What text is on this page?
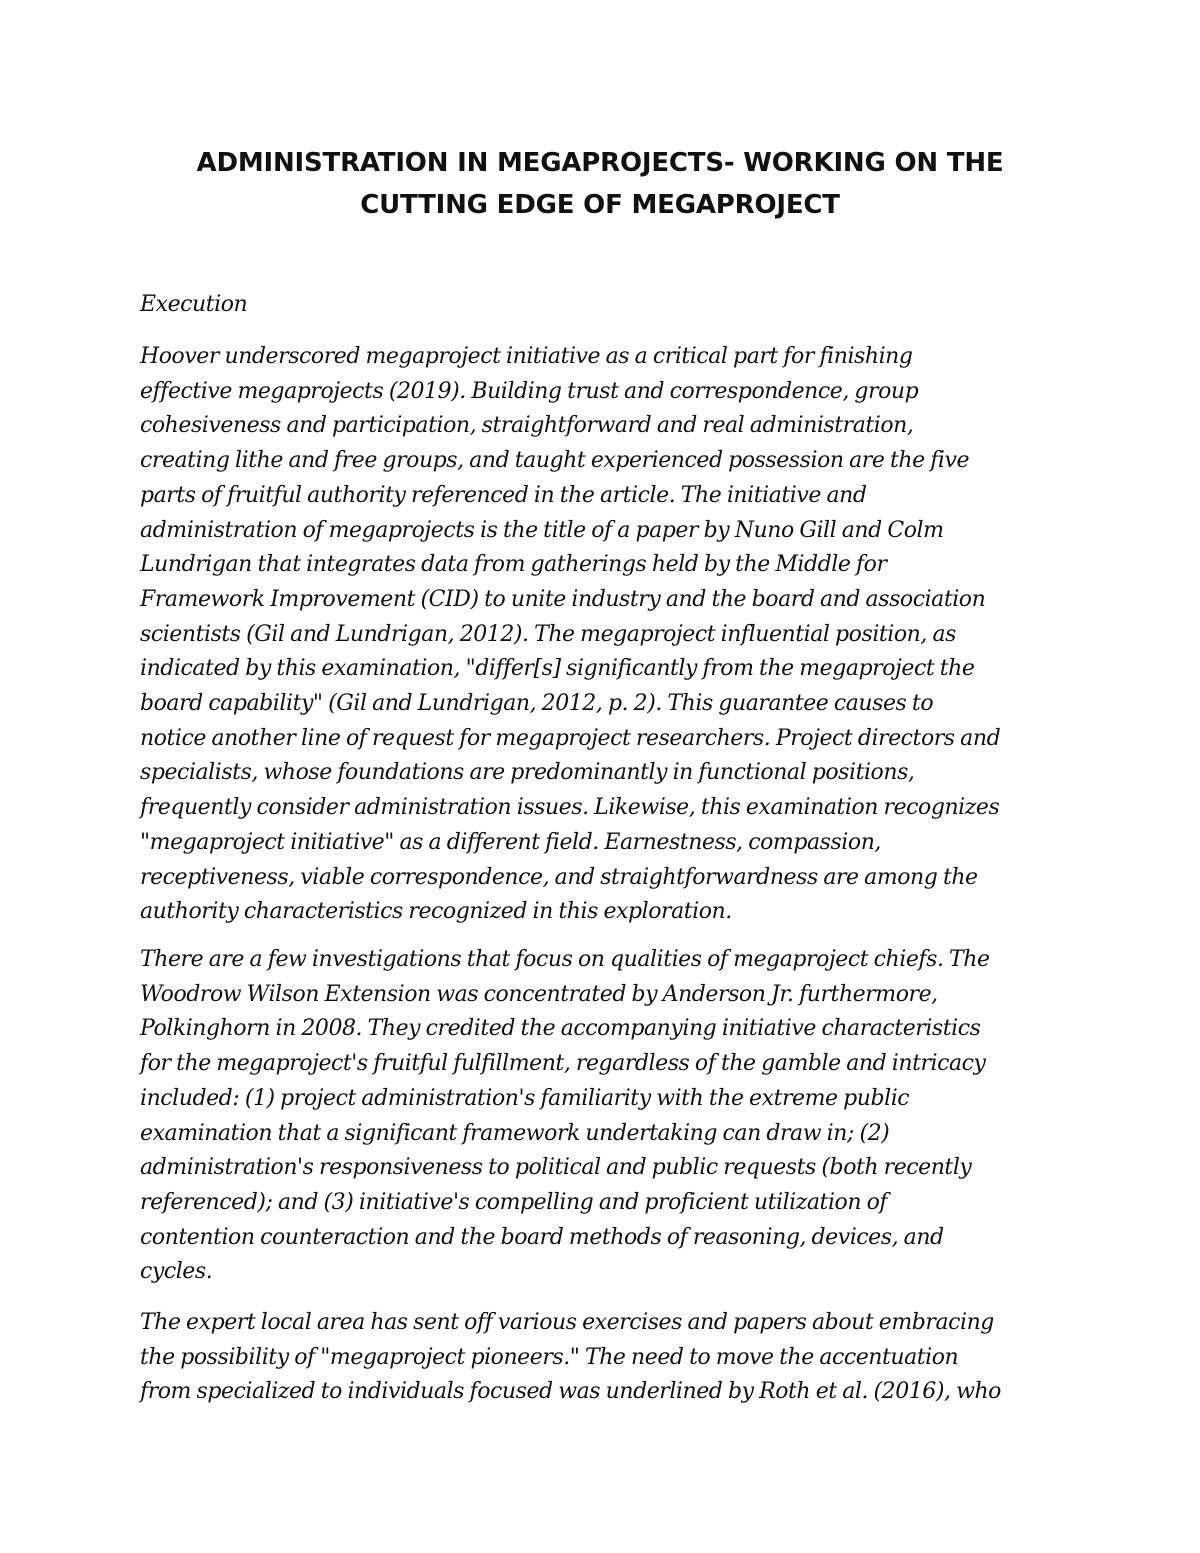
ADMINISTRATION IN MEGAPROJECTS- WORKING ON THE
CUTTING EDGE OF MEGAPROJECT
Execution
Hoover underscored megaproject initiative as a critical part for finishing
effective megaprojects (2019). Building trust and correspondence, group
cohesiveness and participation, straightforward and real administration,
creating lithe and free groups, and taught experienced possession are the five
parts of fruitful authority referenced in the article. The initiative and
administration of megaprojects is the title of a paper by Nuno Gill and Colm
Lundrigan that integrates data from gatherings held by the Middle for
Framework Improvement (CID) to unite industry and the board and association
scientists (Gil and Lundrigan, 2012). The megaproject influential position, as
indicated by this examination, "differ[s] significantly from the megaproject the
board capability" (Gil and Lundrigan, 2012, p. 2). This guarantee causes to
notice another line of request for megaproject researchers. Project directors and
specialists, whose foundations are predominantly in functional positions,
frequently consider administration issues. Likewise, this examination recognizes
"megaproject initiative" as a different field. Earnestness, compassion,
receptiveness, viable correspondence, and straightforwardness are among the
authority characteristics recognized in this exploration.
There are a few investigations that focus on qualities of megaproject chiefs. The
Woodrow Wilson Extension was concentrated by Anderson Jr. furthermore,
Polkinghorn in 2008. They credited the accompanying initiative characteristics
for the megaproject's fruitful fulfillment, regardless of the gamble and intricacy
included: (1) project administration's familiarity with the extreme public
examination that a significant framework undertaking can draw in; (2)
administration's responsiveness to political and public requests (both recently
referenced); and (3) initiative's compelling and proficient utilization of
contention counteraction and the board methods of reasoning, devices, and
cycles.
The expert local area has sent off various exercises and papers about embracing
the possibility of "megaproject pioneers." The need to move the accentuation
from specialized to individuals focused was underlined by Roth et al. (2016), who
